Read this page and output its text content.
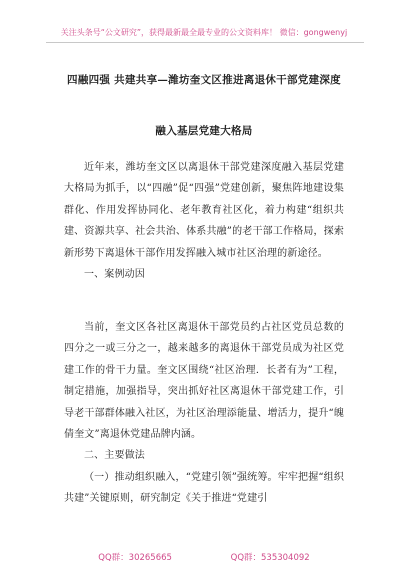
关注头条号“公文研究”，获得最新最全最专业的公文资料库！ 微信：gongwenyj
四融四强 共建共享—潍坊奎文区推进离退休干部党建深度
融入基层党建大格局

近年来，潍坊奎文区以离退休干部党建深度融入基层党建大格局为抓手，以“四融”促“四强”党建创新，聚焦阵地建设集群化、作用发挥协同化、老年教育社区化，着力构建“组织共建、资源共享、社会共治、体系共融”的老干部工作格局，探索新形势下离退休干部作用发挥融入城市社区治理的新途径。

一、案例动因

当前，奎文区各社区离退休干部党员约占社区党员总数的四分之一或三分之一，越来越多的离退休干部党员成为社区党建工作的骨干力量。奎文区围绕“社区治理．长者有为”工程，制定措施，加强指导，突出抓好社区离退休干部党建工作，引导老干部群体融入社区，为社区治理添能量、增活力，提升“魄倩奎文”离退休党建品牌内涵。

二、主要做法

（一）推动组织融入，“党建引领”强统筹。牢牢把握“组织共建”关键原则，研究制定《关于推进“党建引

QQ群：30265665	QQ群：535304092
